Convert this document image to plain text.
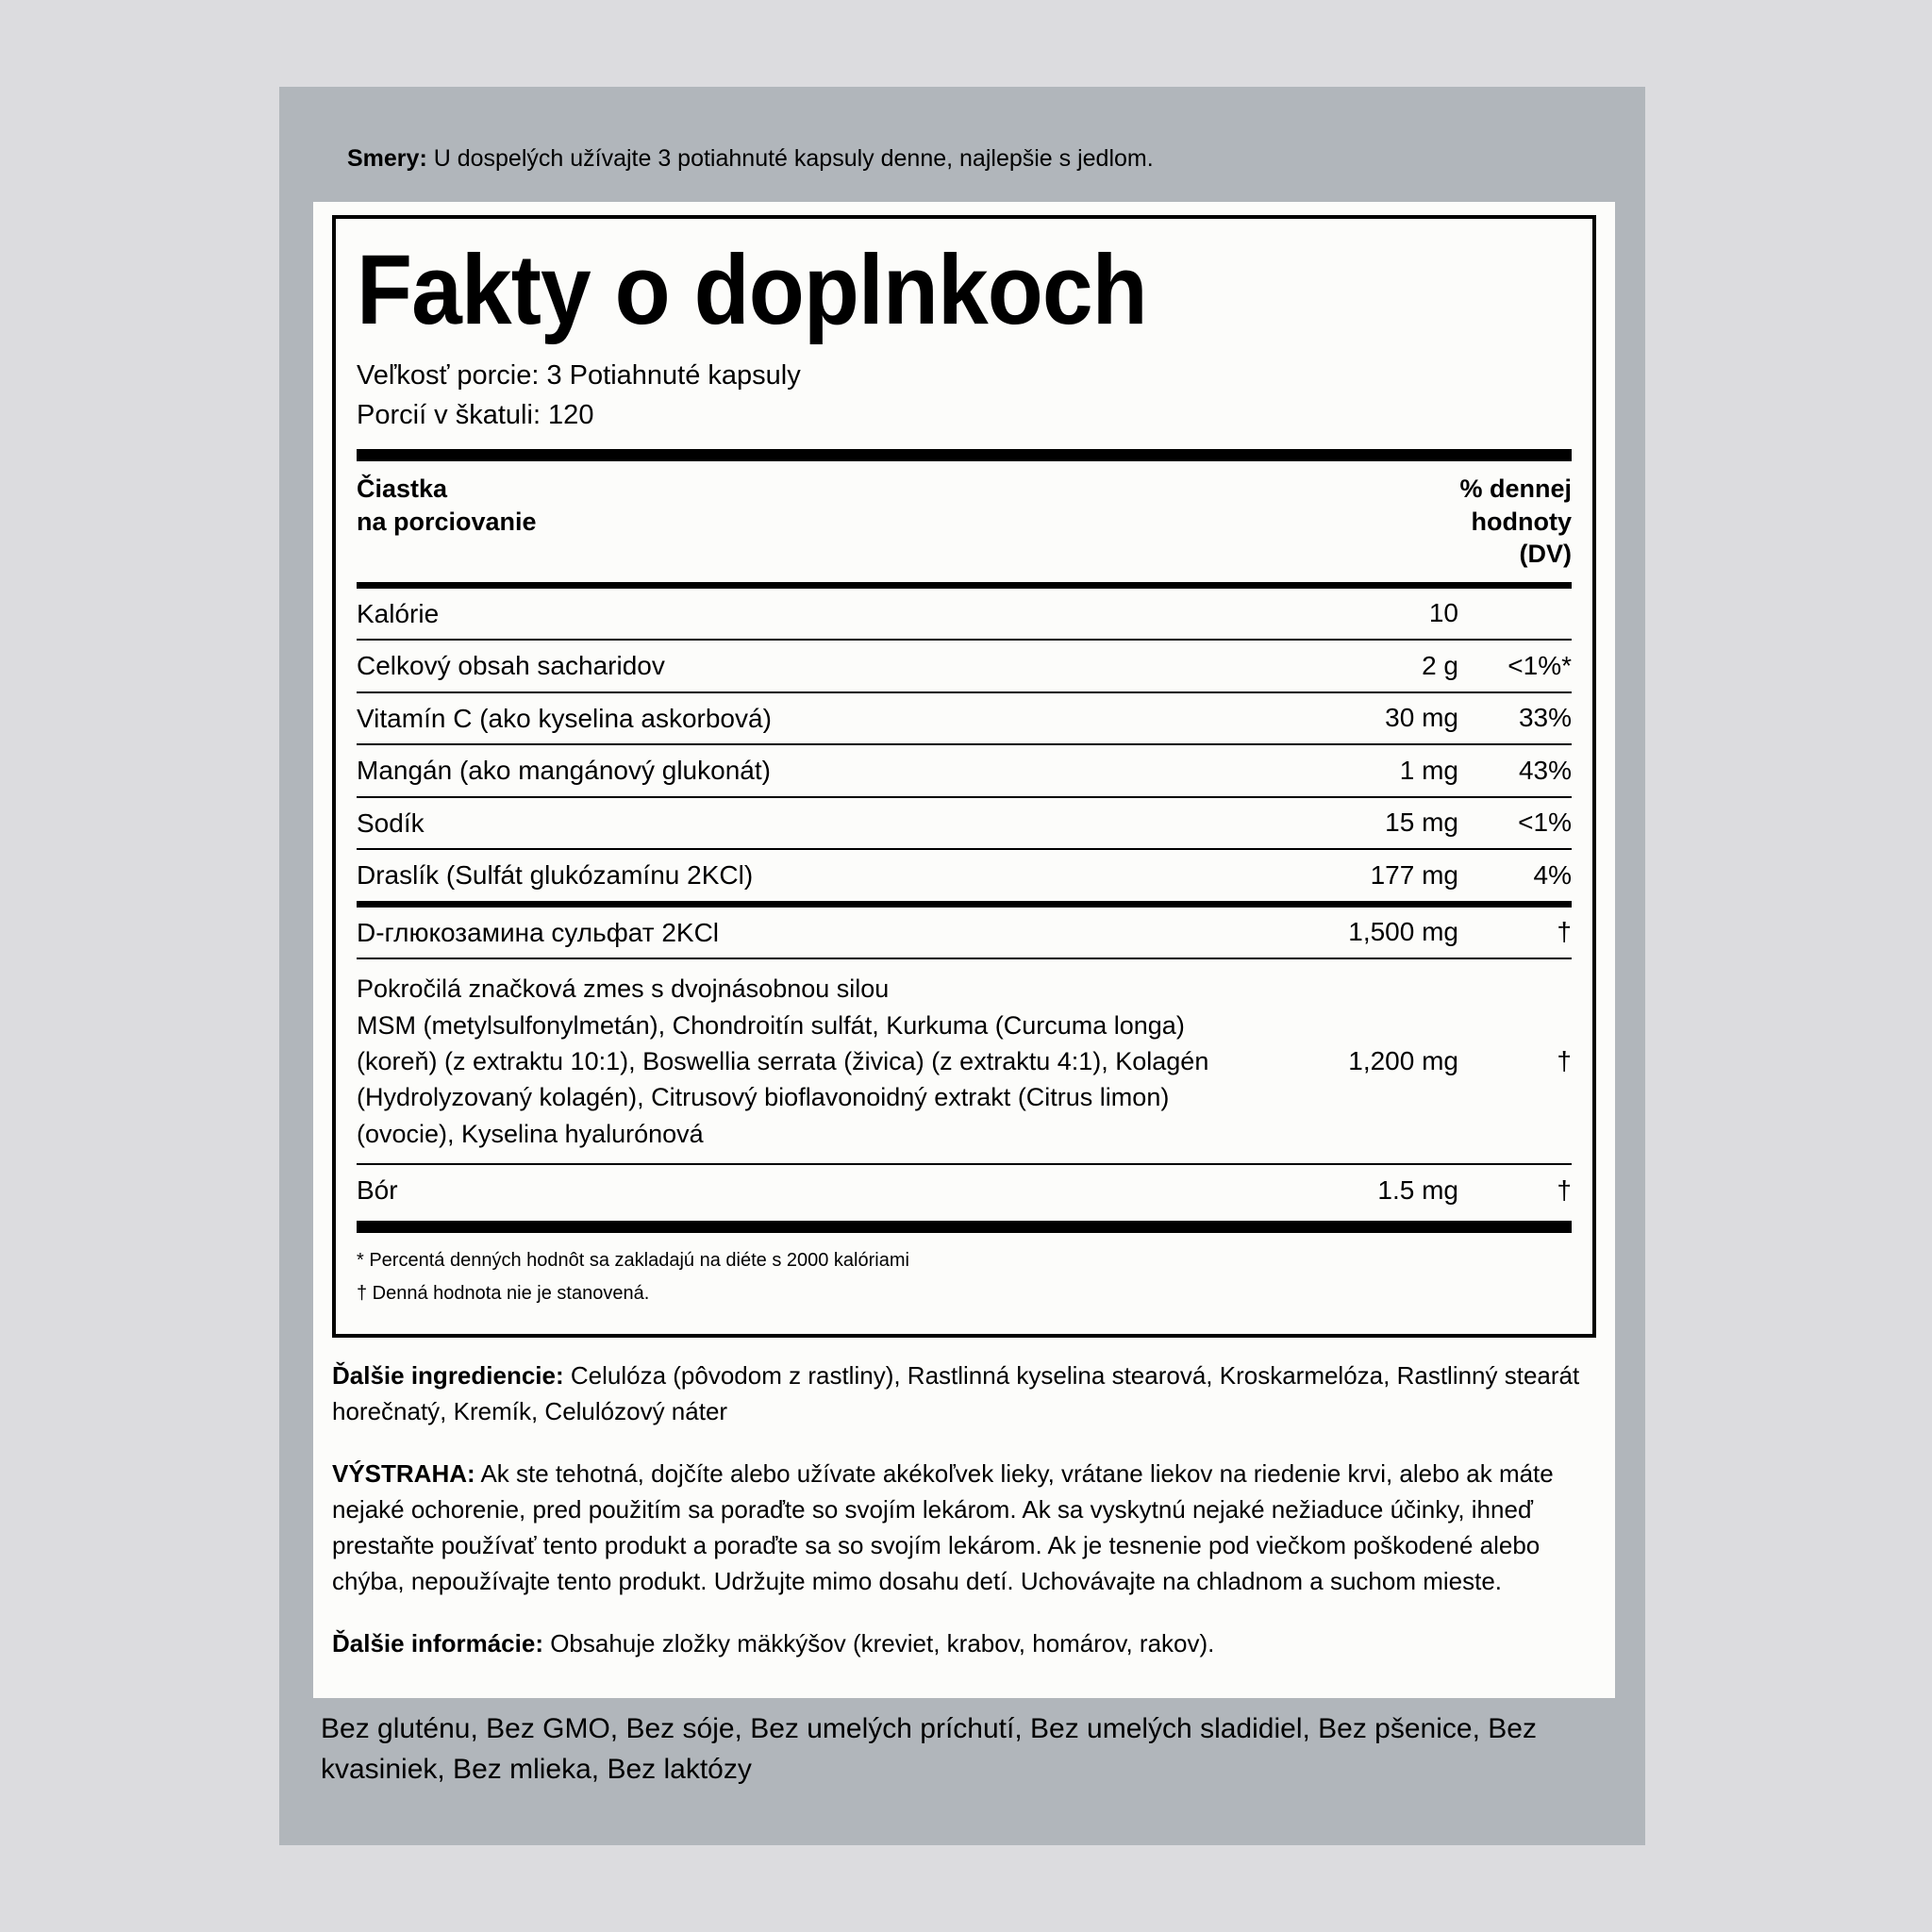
Smery: U dospelých užívajte 3 potiahnuté kapsuly denne, najlepšie s jedlom.
Fakty o doplnkoch
Veľkosť porcie: 3 Potiahnuté kapsuly
Porcií v škatuli: 120
Čiastka
na porciovanie
% dennej
hodnoty
(DV)
Kalórie	10
Celkový obsah sacharidov	2 g	<1%*
Vitamín C (ako kyselina askorbová)	30 mg	33%
Mangán (ako mangánový glukonát)	1 mg	43%
Sodík	15 mg	<1%
Draslík (Sulfát glukózamínu 2KCl)	177 mg	4%
D-глюкозамина сульфат 2KCl	1,500 mg	†
Pokročilá značková zmes s dvojnásobnou silou
MSM (metylsulfonylmetán), Chondroitín sulfát, Kurkuma (Curcuma longa)
(koreň) (z extraktu 10:1), Boswellia serrata (živica) (z extraktu 4:1), Kolagén
(Hydrolyzovaný kolagén), Citrusový bioflavonoidný extrakt (Citrus limon)
(ovocie), Kyselina hyalurónová
1,200 mg	†
Bór	1.5 mg	†
* Percentá denných hodnôt sa zakladajú na diéte s 2000 kalóriami
† Denná hodnota nie je stanovená.
Ďalšie ingrediencie: Celulóza (pôvodom z rastliny), Rastlinná kyselina stearová, Kroskarmelóza, Rastlinný stearát horečnatý, Kremík, Celulózový náter
VÝSTRAHA: Ak ste tehotná, dojčíte alebo užívate akékoľvek lieky, vrátane liekov na riedenie krvi, alebo ak máte nejaké ochorenie, pred použitím sa poraďte so svojím lekárom. Ak sa vyskytnú nejaké nežiaduce účinky, ihneď prestaňte používať tento produkt a poraďte sa so svojím lekárom. Ak je tesnenie pod viečkom poškodené alebo chýba, nepoužívajte tento produkt. Udržujte mimo dosahu detí. Uchovávajte na chladnom a suchom mieste.
Ďalšie informácie: Obsahuje zložky mäkkýšov (kreviet, krabov, homárov, rakov).
Bez gluténu, Bez GMO, Bez sóje, Bez umelých príchutí, Bez umelých sladidiel, Bez pšenice, Bez kvasiniek, Bez mlieka, Bez laktózy
